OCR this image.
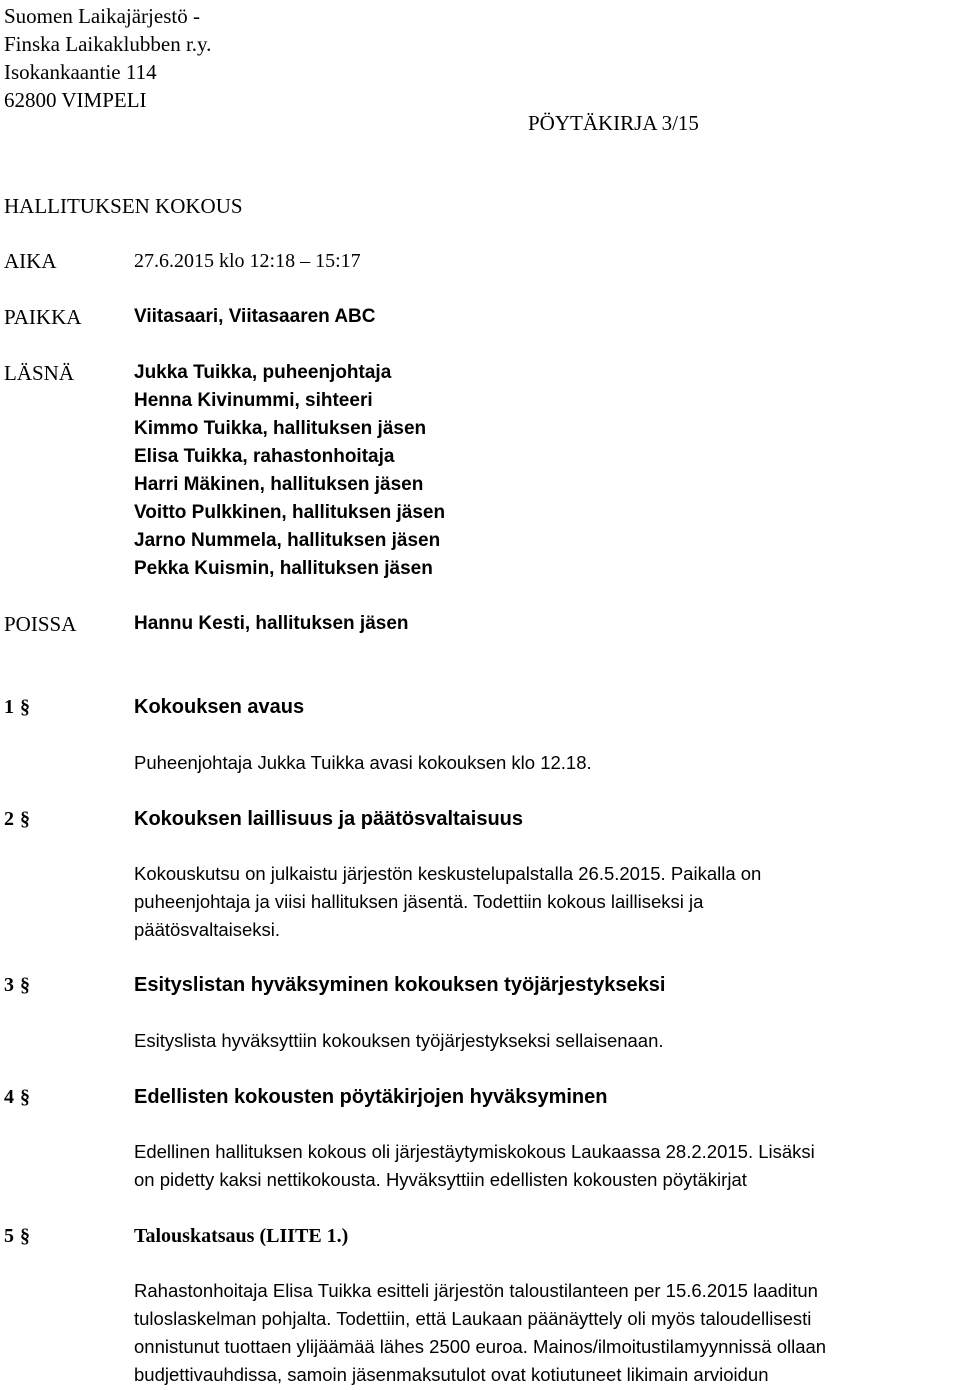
Suomen Laikajärjestö -
Finska Laikaklubben r.y.
Isokankaantie 114
62800 VIMPELI
PÖYTÄKIRJA 3/15
HALLITUKSEN KOKOUS
AIKA	27.6.2015 klo 12:18 – 15:17
PAIKKA	Viitasaari, Viitasaaren ABC
LÄSNÄ	Jukka Tuikka, puheenjohtaja
Henna Kivinummi, sihteeri
Kimmo Tuikka, hallituksen jäsen
Elisa Tuikka, rahastonhoitaja
Harri Mäkinen, hallituksen jäsen
Voitto Pulkkinen, hallituksen jäsen
Jarno Nummela, hallituksen jäsen
Pekka Kuismin, hallituksen jäsen
POISSA	Hannu Kesti, hallituksen jäsen
1 §	Kokouksen avaus
Puheenjohtaja Jukka Tuikka avasi kokouksen klo 12.18.
2 §	Kokouksen laillisuus ja päätösvaltaisuus
Kokouskutsu on julkaistu järjestön keskustelupalstalla 26.5.2015. Paikalla on
puheenjohtaja ja viisi hallituksen jäsentä. Todettiin kokous lailliseksi ja
päätösvaltaiseksi.
3 §	Esityslistan hyväksyminen kokouksen työjärjestykseksi
Esityslista hyväksyttiin kokouksen työjärjestykseksi sellaisenaan.
4 §	Edellisten kokousten pöytäkirjojen hyväksyminen
Edellinen hallituksen kokous oli järjestäytymiskokous Laukaassa 28.2.2015. Lisäksi
on pidetty kaksi nettikokousta. Hyväksyttiin edellisten kokousten pöytäkirjat
5 §	Talouskatsaus (LIITE 1.)
Rahastonhoitaja Elisa Tuikka esitteli järjestön taloustilanteen per 15.6.2015 laaditun
tuloslaskelman pohjalta. Todettiin, että Laukaan päänäyttely oli myös taloudellisesti
onnistunut tuottaen ylijäämää lähes 2500 euroa. Mainos/ilmoitustilamyynnissä ollaan
budjettivauhdissa, samoin jäsenmaksutulot ovat kotiutuneet likimain arvioidun
